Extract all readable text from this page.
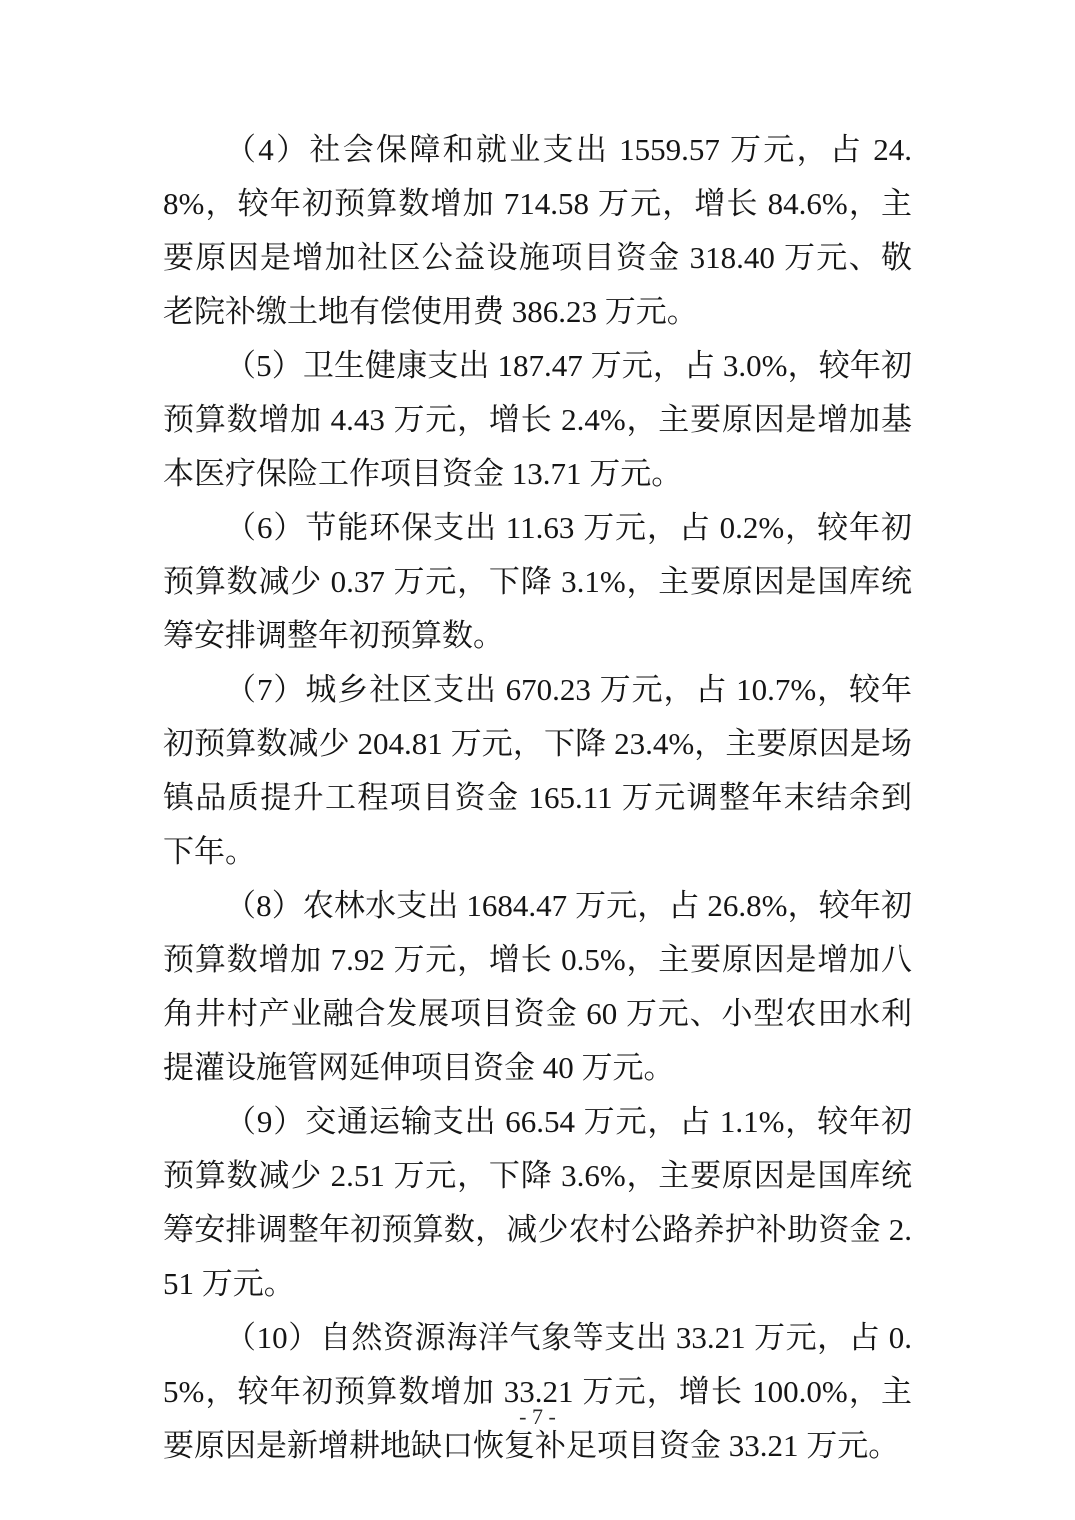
（4）社会保障和就业支出 1559.57 万元，占 24.8%，较年初预算数增加 714.58 万元，增长 84.6%，主要原因是增加社区公益设施项目资金 318.40 万元、敬老院补缴土地有偿使用费 386.23 万元。

（5）卫生健康支出 187.47 万元，占 3.0%，较年初预算数增加 4.43 万元，增长 2.4%，主要原因是增加基本医疗保险工作项目资金 13.71 万元。

（6）节能环保支出 11.63 万元，占 0.2%，较年初预算数减少 0.37 万元，下降 3.1%，主要原因是国库统筹安排调整年初预算数。

（7）城乡社区支出 670.23 万元，占 10.7%，较年初预算数减少 204.81 万元，下降 23.4%，主要原因是场镇品质提升工程项目资金 165.11 万元调整年末结余到下年。

（8）农林水支出 1684.47 万元，占 26.8%，较年初预算数增加 7.92 万元，增长 0.5%，主要原因是增加八角井村产业融合发展项目资金 60 万元、小型农田水利提灌设施管网延伸项目资金 40 万元。

（9）交通运输支出 66.54 万元，占 1.1%，较年初预算数减少 2.51 万元，下降 3.6%，主要原因是国库统筹安排调整年初预算数，减少农村公路养护补助资金 2.51 万元。

（10）自然资源海洋气象等支出 33.21 万元，占 0.5%，较年初预算数增加 33.21 万元，增长 100.0%，主要原因是新增耕地缺口恢复补足项目资金 33.21 万元。

- 7 -
